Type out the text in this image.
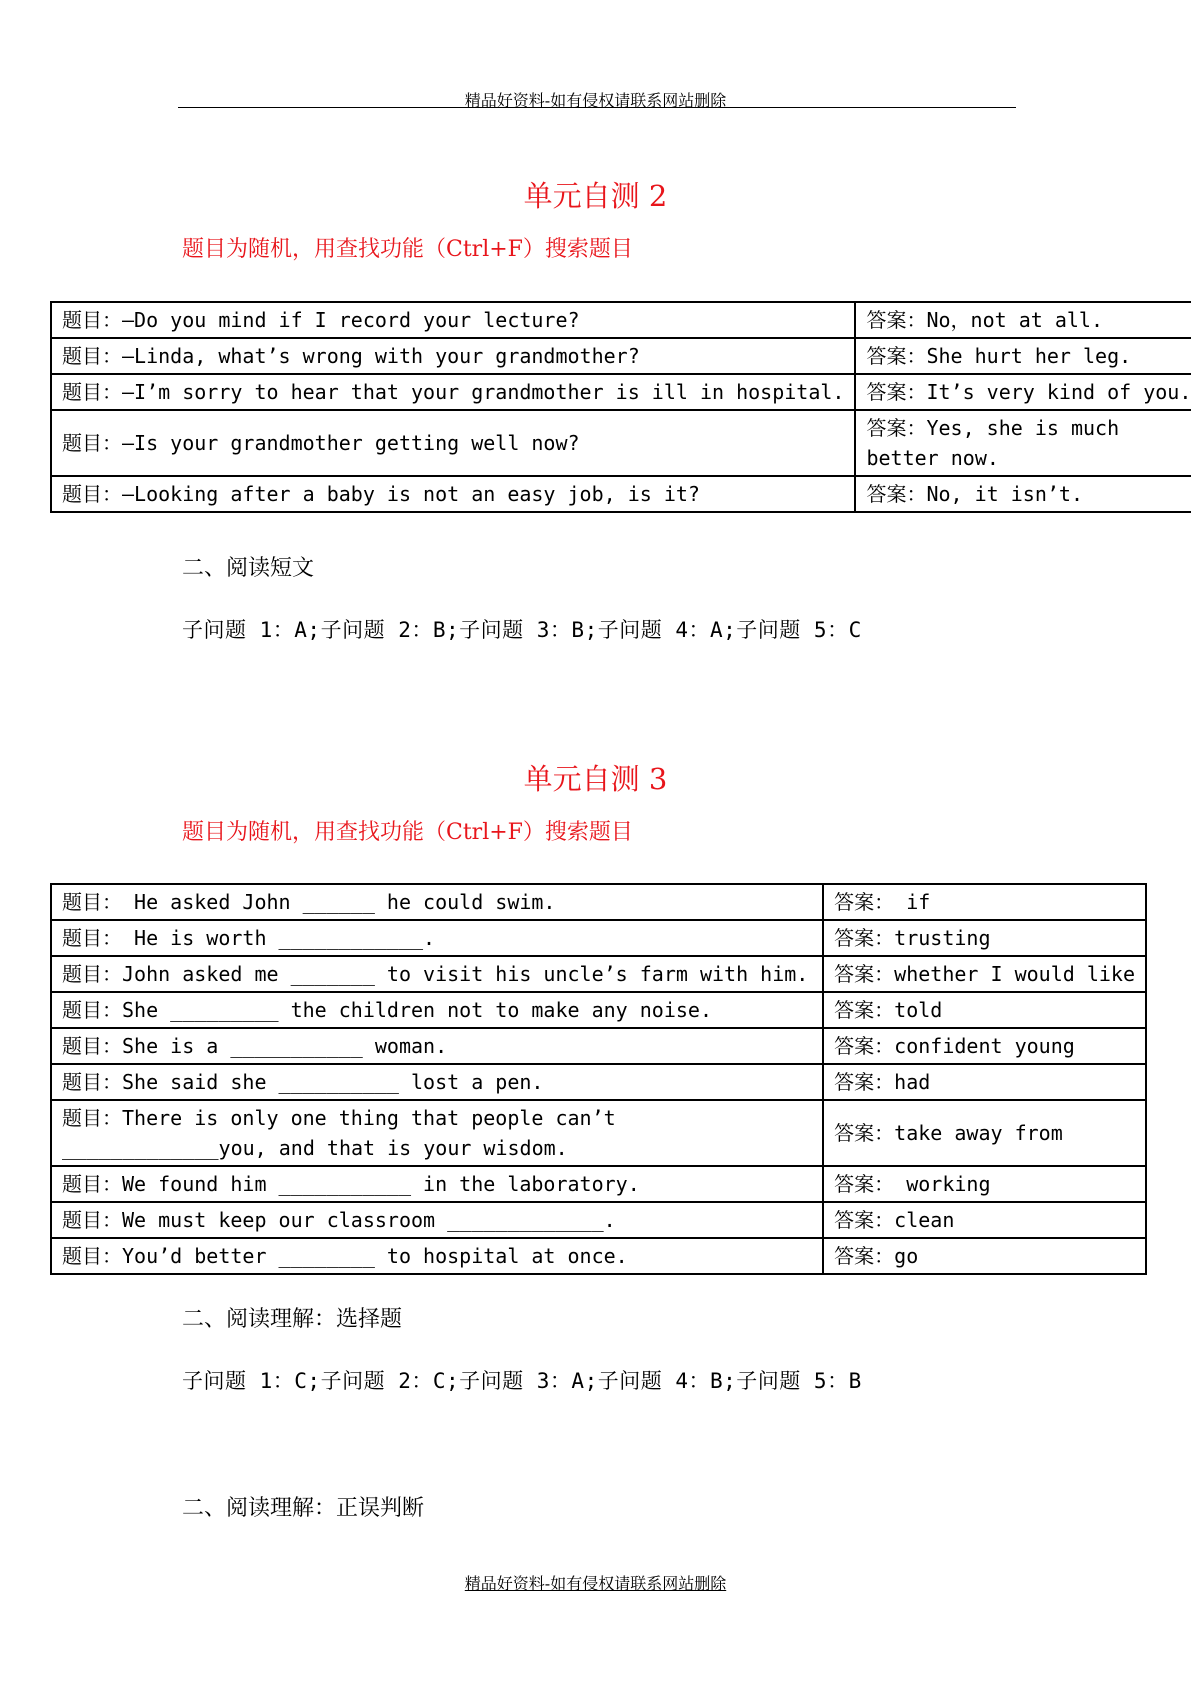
精品好资料-如有侵权请联系网站删除
单元自测 2
题目为随机，用查找功能（Ctrl+F）搜索题目
题目：—Do you mind if I record your lecture?	答案：No，not at all.
题目：—Linda, what’s wrong with your grandmother?	答案：She hurt her leg.
题目：—I’m sorry to hear that your grandmother is ill in hospital.	答案：It’s very kind of you.
题目：—Is your grandmother getting well now?	答案：Yes, she is much better now.
题目：—Looking after a baby is not an easy job, is it?	答案：No, it isn’t.
二、阅读短文
子问题 1：A;子问题 2：B;子问题 3：B;子问题 4：A;子问题 5：C
单元自测 3
题目为随机，用查找功能（Ctrl+F）搜索题目
题目： He asked John ______ he could swim.	答案： if
题目： He is worth ____________.	答案：trusting
题目：John asked me _______ to visit his uncle’s farm with him.	答案：whether I would like
题目：She _________ the children not to make any noise.	答案：told
题目：She is a ___________ woman.	答案：confident young
题目：She said she __________ lost a pen.	答案：had
题目：There is only one thing that people can’t _____________you, and that is your wisdom.	答案：take away from
题目：We found him ___________ in the laboratory.	答案： working
题目：We must keep our classroom _____________.	答案：clean
题目：You’d better ________ to hospital at once.	答案：go
二、阅读理解：选择题
子问题 1：C;子问题 2：C;子问题 3：A;子问题 4：B;子问题 5：B
二、阅读理解：正误判断
精品好资料-如有侵权请联系网站删除
